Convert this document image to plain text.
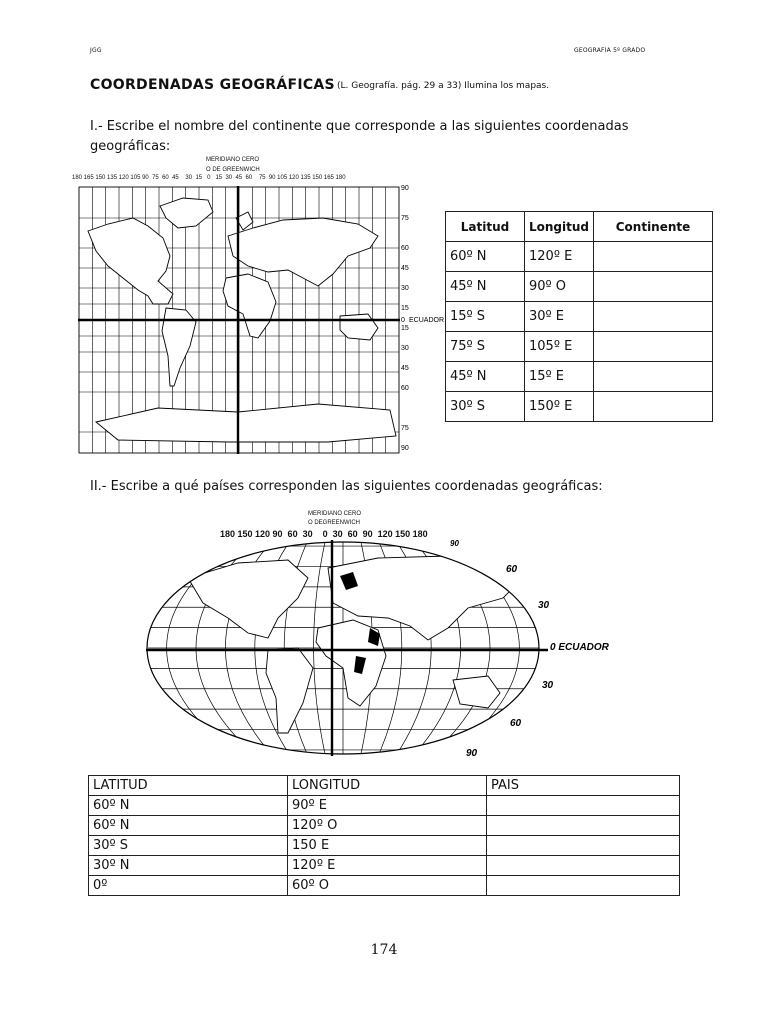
JGG	GEOGRAFIA 5º GRADO
COORDENADAS GEOGRÁFICAS (L. Geografía. pág. 29 a 33) Ilumina los mapas.
I.- Escribe el nombre del continente que corresponde a las siguientes coordenadas
geográficas:
MERIDIANO CERO
O DE GREENWICH
180 165 150 135 120 105 90  75  60  45    30  15   0   15  30  45  60    75  90 105 120 135 150 165 180
90
75
60
45
30
15
0
15
30
45
60
75
90
ECUADOR
Latitud	Longitud	Continente
60º N	120º E	
45º N	90º O	
15º S	30º E	
75º S	105º E	
45º N	15º E	
30º S	150º E	
II.- Escribe a qué países corresponden las siguientes coordenadas geográficas:
MERIDIANO CERO
O DEGREENWICH
180 150 120 90  60  30    0  30  60  90  120 150 180
90
60
30
0 ECUADOR
30
60
90
LATITUD	LONGITUD	PAIS
60º N	90º E	
60º N	120º O	
30º S	150 E	
30º N	120º E	
0º	60º O	
174
